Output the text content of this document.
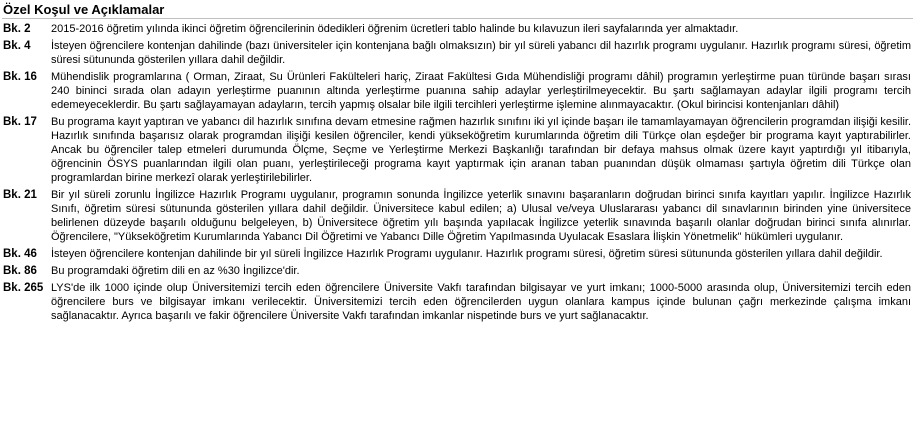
Özel Koşul ve Açıklamalar
Bk. 2	2015-2016 öğretim yılında ikinci öğretim öğrencilerinin ödedikleri öğrenim ücretleri tablo halinde bu kılavuzun ileri sayfalarında yer almaktadır.
Bk. 4	İsteyen öğrencilere kontenjan dahilinde (bazı üniversiteler için kontenjana bağlı olmaksızın) bir yıl süreli yabancı dil hazırlık programı uygulanır. Hazırlık programı süresi, öğretim süresi sütununda gösterilen yıllara dahil değildir.
Bk. 16	Mühendislik programlarına ( Orman, Ziraat, Su Ürünleri Fakülteleri hariç, Ziraat Fakültesi Gıda Mühendisliği programı dâhil) programın yerleştirme puan türünde başarı sırası 240 bininci sırada olan adayın yerleştirme puanının altında yerleştirme puanına sahip adaylar yerleştirilmeyecektir. Bu şartı sağlamayan adaylar ilgili programı tercih edemeyeceklerdir. Bu şartı sağlayamayan adayların, tercih yapmış olsalar bile ilgili tercihleri yerleştirme işlemine alınmayacaktır. (Okul birincisi kontenjanları dâhil)
Bk. 17	Bu programa kayıt yaptıran ve yabancı dil hazırlık sınıfına devam etmesine rağmen hazırlık sınıfını iki yıl içinde başarı ile tamamlayamayan öğrencilerin programdan ilişiği kesilir. Hazırlık sınıfında başarısız olarak programdan ilişiği kesilen öğrenciler, kendi yükseköğretim kurumlarında öğretim dili Türkçe olan eşdeğer bir programa kayıt yaptırabilirler. Ancak bu öğrenciler talep etmeleri durumunda Ölçme, Seçme ve Yerleştirme Merkezi Başkanlığı tarafından bir defaya mahsus olmak üzere kayıt yaptırdığı yıl itibarıyla, öğrencinin ÖSYS puanlarından ilgili olan puanı, yerleştirileceği programa kayıt yaptırmak için aranan taban puanından düşük olmaması şartıyla öğretim dili Türkçe olan programlardan birine merkezî olarak yerleştirilebilirler.
Bk. 21	Bir yıl süreli zorunlu İngilizce Hazırlık Programı uygulanır, programın sonunda İngilizce yeterlik sınavını başaranların doğrudan birinci sınıfa kayıtları yapılır. İngilizce Hazırlık Sınıfı, öğretim süresi sütununda gösterilen yıllara dahil değildir. Üniversitece kabul edilen; a) Ulusal ve/veya Uluslararası yabancı dil sınavlarının birinden yine üniversitece belirlenen düzeyde başarılı olduğunu belgeleyen, b) Üniversitece öğretim yılı başında yapılacak İngilizce yeterlik sınavında başarılı olanlar doğrudan birinci sınıfa alınırlar. Öğrencilere, "Yükseköğretim Kurumlarında Yabancı Dil Öğretimi ve Yabancı Dille Öğretim Yapılmasında Uyulacak Esaslara İlişkin Yönetmelik" hükümleri uygulanır.
Bk. 46	İsteyen öğrencilere kontenjan dahilinde bir yıl süreli İngilizce Hazırlık Programı uygulanır. Hazırlık programı süresi, öğretim süresi sütununda gösterilen yıllara dahil değildir.
Bk. 86	Bu programdaki öğretim dili en az %30 İngilizce'dir.
Bk. 265 LYS'de ilk 1000 içinde olup Üniversitemizi tercih eden öğrencilere Üniversite Vakfı tarafından bilgisayar ve yurt imkanı; 1000-5000 arasında olup, Üniversitemizi tercih eden öğrencilere burs ve bilgisayar imkanı verilecektir. Üniversitemizi tercih eden öğrencilerden uygun olanlara kampus içinde bulunan çağrı merkezinde çalışma imkanı sağlanacaktır. Ayrıca başarılı ve fakir öğrencilere Üniversite Vakfı tarafından imkanlar nispetinde burs ve yurt sağlanacaktır.
